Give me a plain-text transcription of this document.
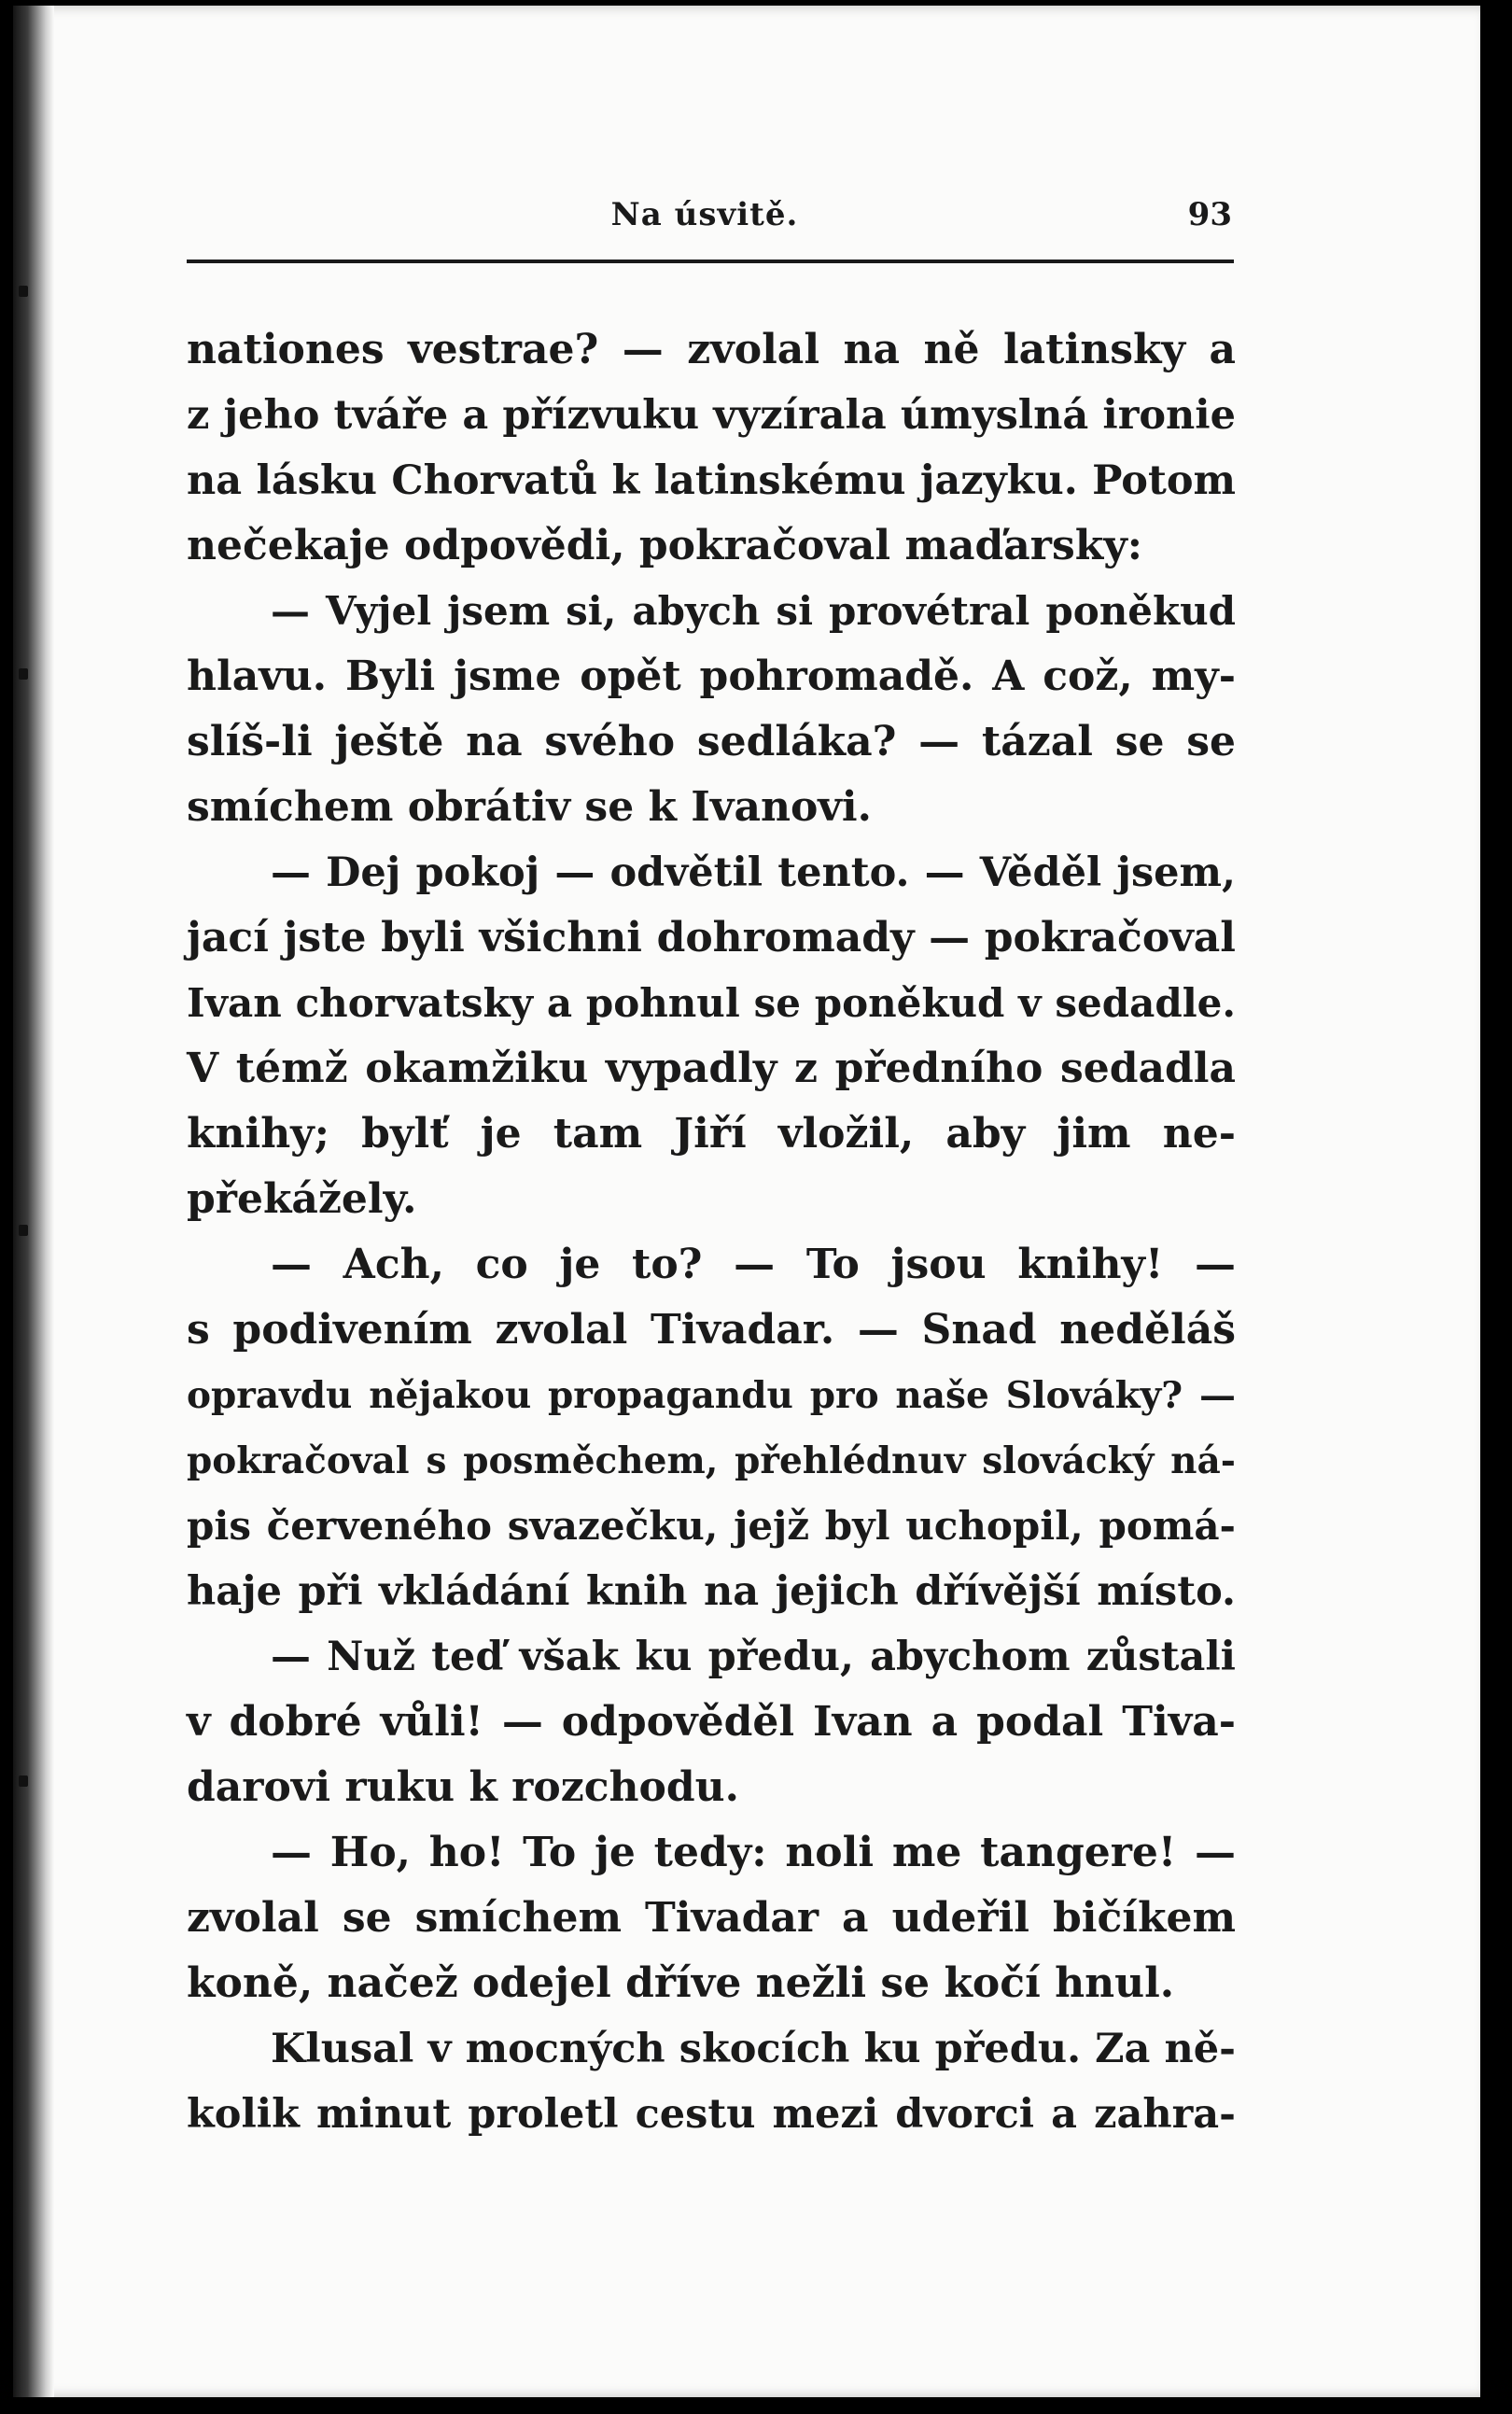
Na úsvitě.	93
nationes vestrae? — zvolal na ně latinsky a
z jeho tváře a přízvuku vyzírala úmyslná ironie
na lásku Chorvatů k latinskému jazyku. Potom
nečekaje odpovědi, pokračoval maďarsky:
— Vyjel jsem si, abych si provétral poněkud
hlavu. Byli jsme opět pohromadě. A což, my-
slíš-li ještě na svého sedláka? — tázal se se
smíchem obrátiv se k Ivanovi.
— Dej pokoj — odvětil tento. — Věděl jsem,
jací jste byli všichni dohromady — pokračoval
Ivan chorvatsky a pohnul se poněkud v sedadle.
V témž okamžiku vypadly z předního sedadla
knihy; bylť je tam Jiří vložil, aby jim ne-
překážely.
— Ach, co je to? — To jsou knihy! —
s podivením zvolal Tivadar. — Snad neděláš
opravdu nějakou propagandu pro naše Slováky? —
pokračoval s posměchem, přehlédnuv slovácký ná-
pis červeného svazečku, jejž byl uchopil, pomá-
haje při vkládání knih na jejich dřívější místo.
— Nuž teď však ku předu, abychom zůstali
v dobré vůli! — odpověděl Ivan a podal Tiva-
darovi ruku k rozchodu.
— Ho, ho! To je tedy: noli me tangere! —
zvolal se smíchem Tivadar a udeřil bičíkem
koně, načež odejel dříve nežli se kočí hnul.
Klusal v mocných skocích ku předu. Za ně-
kolik minut proletl cestu mezi dvorci a zahra-
